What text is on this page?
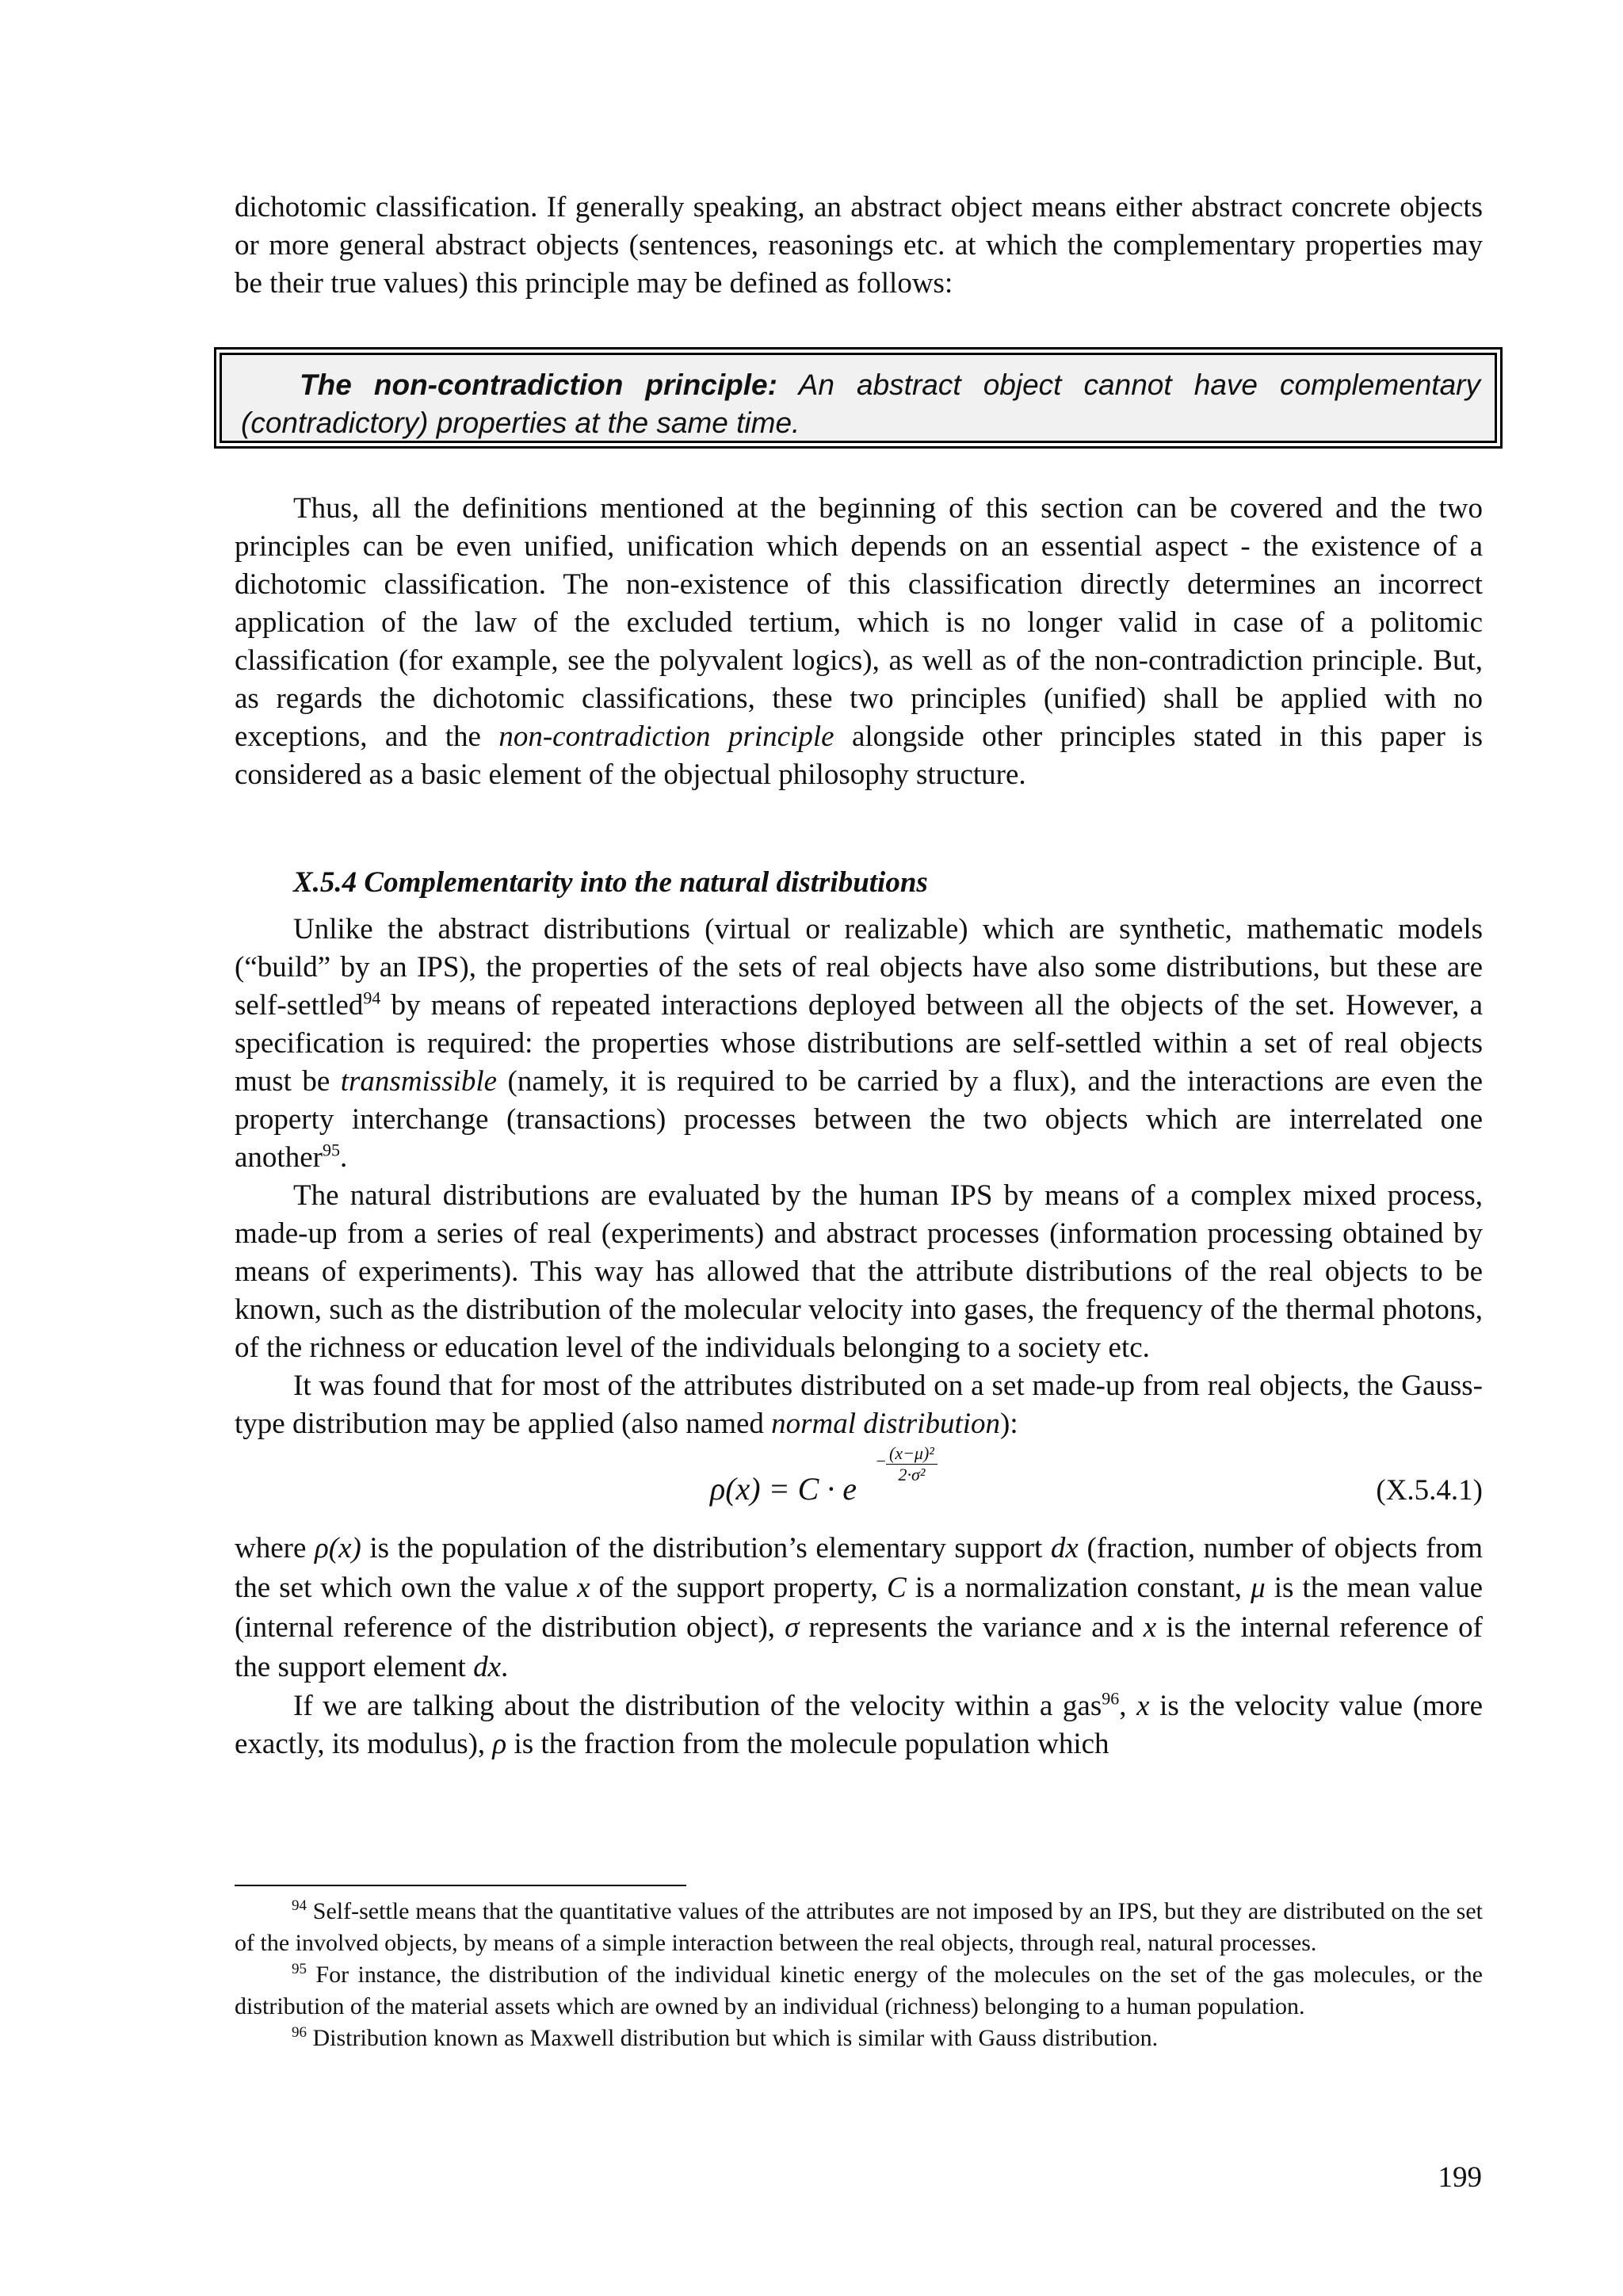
dichotomic classification. If generally speaking, an abstract object means either abstract concrete objects or more general abstract objects (sentences, reasonings etc. at which the complementary properties may be their true values) this principle may be defined as follows:

The non-contradiction principle: An abstract object cannot have complementary (contradictory) properties at the same time.

Thus, all the definitions mentioned at the beginning of this section can be covered and the two principles can be even unified, unification which depends on an essential aspect - the existence of a dichotomic classification. The non-existence of this classification directly determines an incorrect application of the law of the excluded tertium, which is no longer valid in case of a politomic classification (for example, see the polyvalent logics), as well as of the non-contradiction principle. But, as regards the dichotomic classifications, these two principles (unified) shall be applied with no exceptions, and the non-contradiction principle alongside other principles stated in this paper is considered as a basic element of the objectual philosophy structure.

X.5.4 Complementarity into the natural distributions

Unlike the abstract distributions (virtual or realizable) which are synthetic, mathematic models (“build” by an IPS), the properties of the sets of real objects have also some distributions, but these are self-settled$^{94}$ by means of repeated interactions deployed between all the objects of the set. However, a specification is required: the properties whose distributions are self-settled within a set of real objects must be transmissible (namely, it is required to be carried by a flux), and the interactions are even the property interchange (transactions) processes between the two objects which are interrelated one another$^{95}$.

The natural distributions are evaluated by the human IPS by means of a complex mixed process, made-up from a series of real (experiments) and abstract processes (information processing obtained by means of experiments). This way has allowed that the attribute distributions of the real objects to be known, such as the distribution of the molecular velocity into gases, the frequency of the thermal photons, of the richness or education level of the individuals belonging to a society etc.

It was found that for most of the attributes distributed on a set made-up from real objects, the Gauss-type distribution may be applied (also named normal distribution):

ρ(x) = C · e
− (x−μ)²
2·σ²	(X.5.4.1)

where ρ(x) is the population of the distribution’s elementary support dx (fraction, number of objects from the set which own the value x of the support property, C is a normalization constant, μ is the mean value (internal reference of the distribution object), σ represents the variance and x is the internal reference of the support element dx.

If we are talking about the distribution of the velocity within a gas$^{96}$, x is the velocity value (more exactly, its modulus), ρ is the fraction from the molecule population which

$^{94}$ Self-settle means that the quantitative values of the attributes are not imposed by an IPS, but they are distributed on the set of the involved objects, by means of a simple interaction between the real objects, through real, natural processes.

$^{95}$ For instance, the distribution of the individual kinetic energy of the molecules on the set of the gas molecules, or the distribution of the material assets which are owned by an individual (richness) belonging to a human population.

$^{96}$ Distribution known as Maxwell distribution but which is similar with Gauss distribution.

199
